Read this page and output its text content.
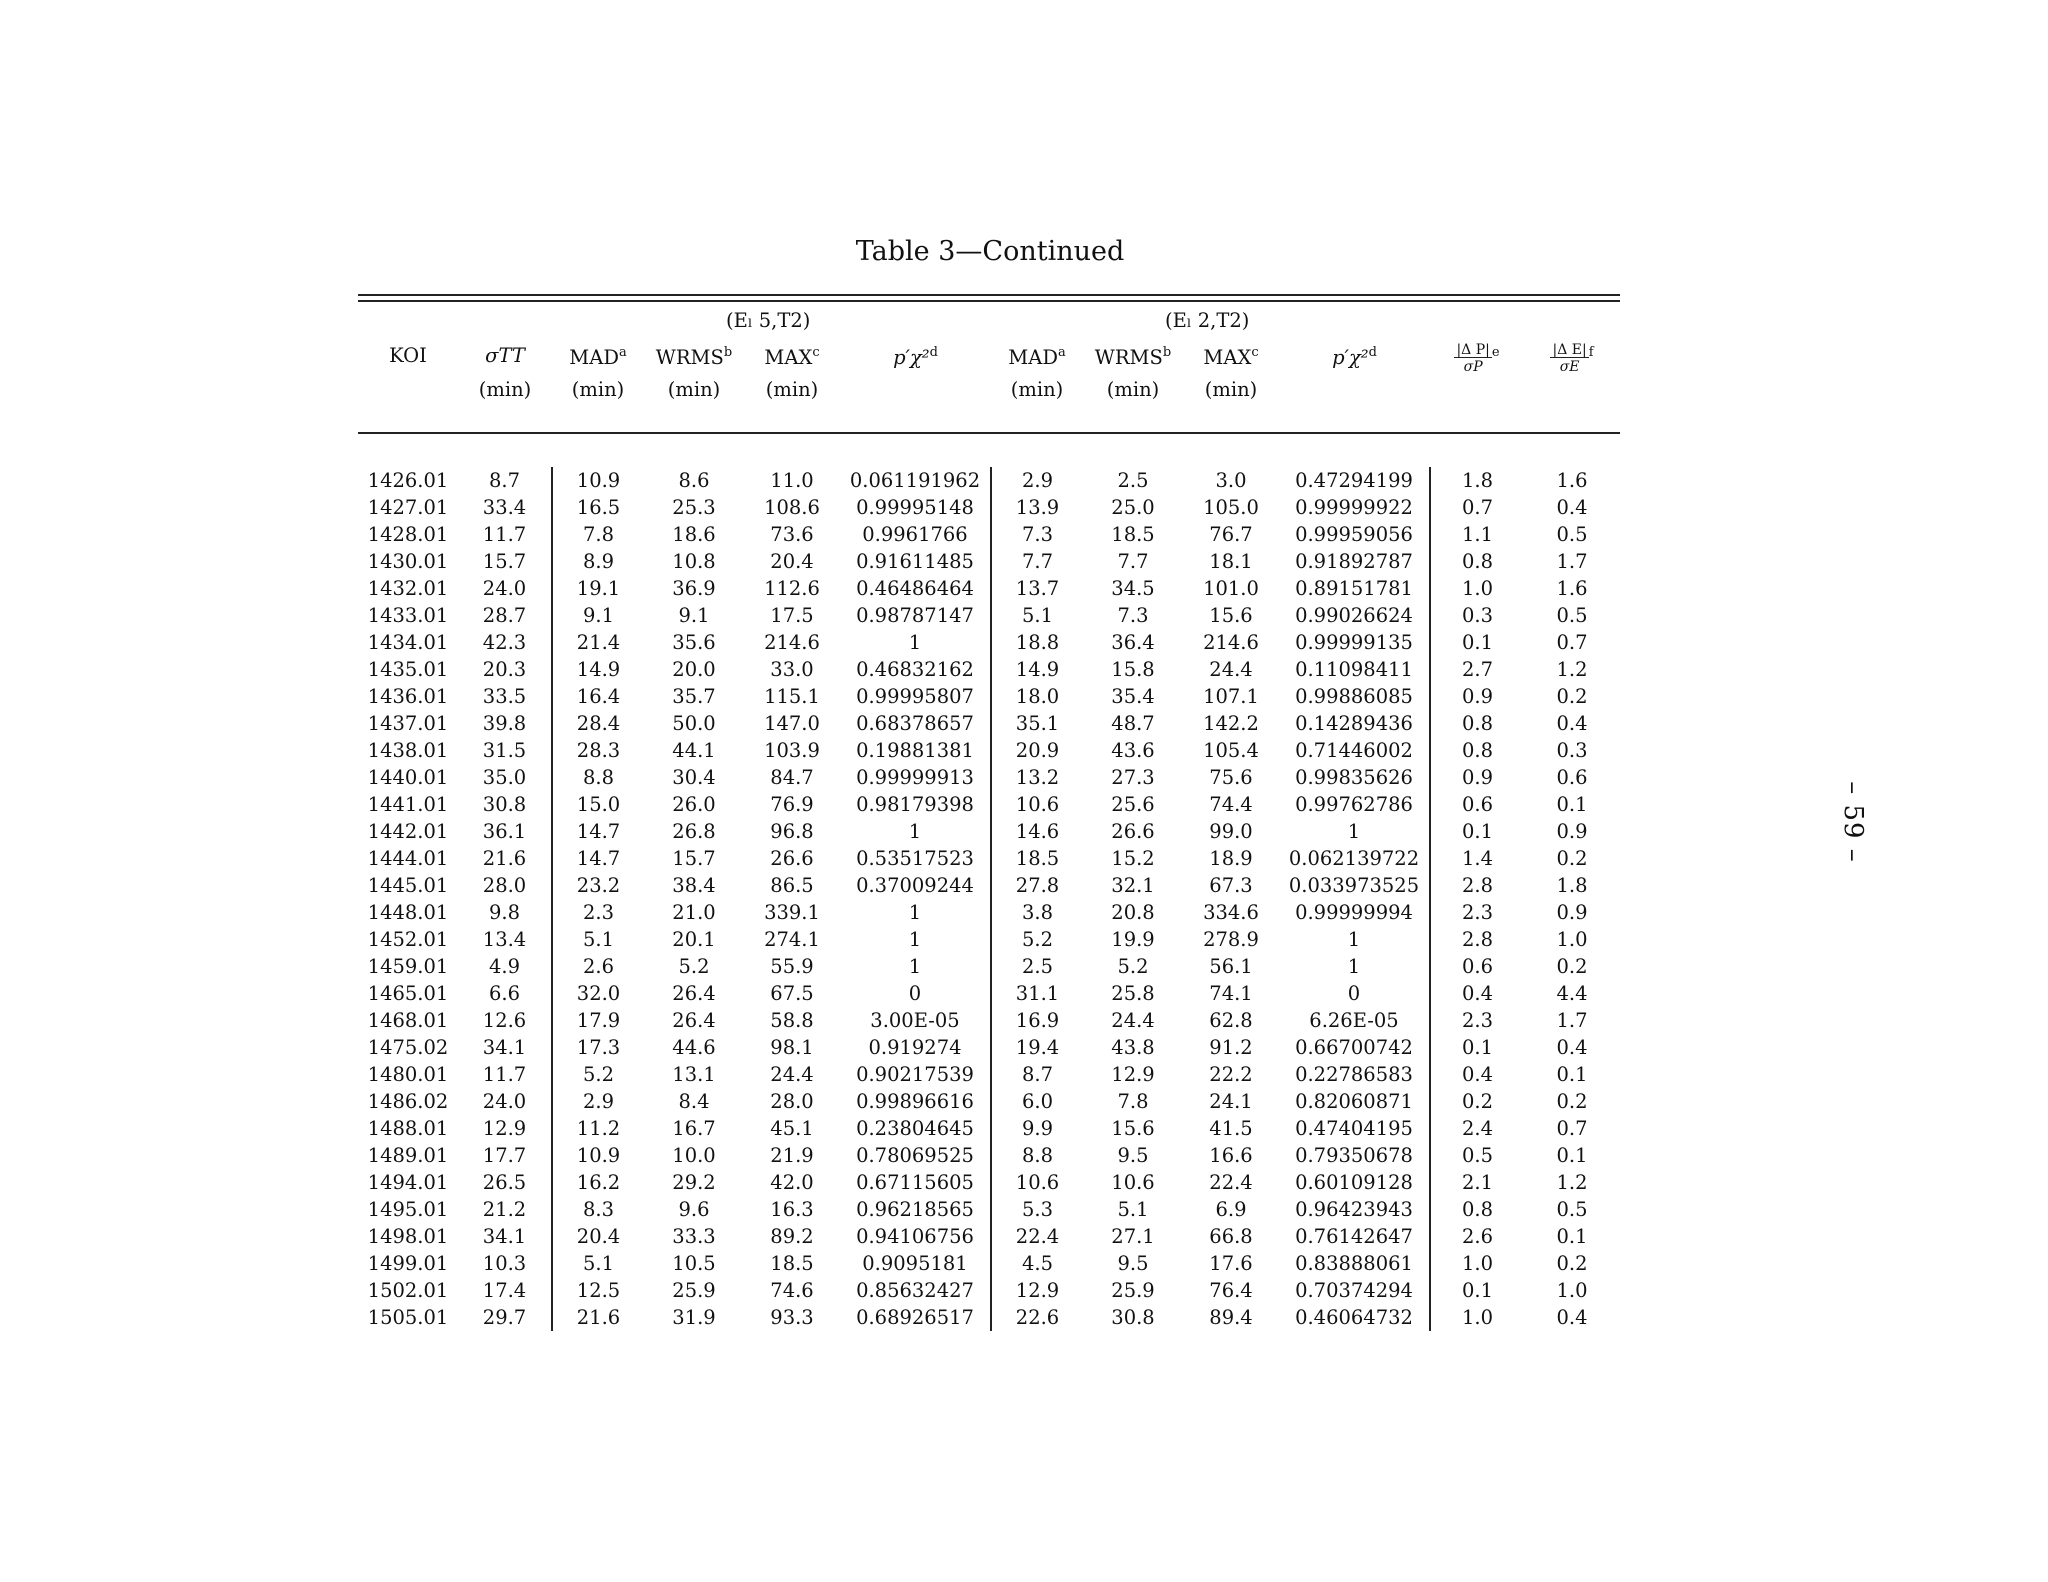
Table 3—Continued
		(Eₗ 5,T2)				(Eₗ 2,T2)					
KOI	σTT	MAD$^a$	WRMS$^b$	MAX$^c$	p′χ²$^d$	MAD$^a$	WRMS$^b$	MAX$^c$	p′χ²$^d$	$\frac{\text{|Δ P|}}{\sigma P} ^e$	$\frac{\text{|Δ E|}}{\sigma E} ^f$
	(min)	(min)	(min)	(min)		(min)	(min)	(min)			

1426.01	8.7	10.9	8.6	11.0	0.061191962	2.9	2.5	3.0	0.47294199	1.8	1.6
1427.01	33.4	16.5	25.3	108.6	0.99995148	13.9	25.0	105.0	0.99999922	0.7	0.4
1428.01	11.7	7.8	18.6	73.6	0.9961766	7.3	18.5	76.7	0.99959056	1.1	0.5
1430.01	15.7	8.9	10.8	20.4	0.91611485	7.7	7.7	18.1	0.91892787	0.8	1.7
1432.01	24.0	19.1	36.9	112.6	0.46486464	13.7	34.5	101.0	0.89151781	1.0	1.6
1433.01	28.7	9.1	9.1	17.5	0.98787147	5.1	7.3	15.6	0.99026624	0.3	0.5
1434.01	42.3	21.4	35.6	214.6	1	18.8	36.4	214.6	0.99999135	0.1	0.7
1435.01	20.3	14.9	20.0	33.0	0.46832162	14.9	15.8	24.4	0.11098411	2.7	1.2
1436.01	33.5	16.4	35.7	115.1	0.99995807	18.0	35.4	107.1	0.99886085	0.9	0.2
1437.01	39.8	28.4	50.0	147.0	0.68378657	35.1	48.7	142.2	0.14289436	0.8	0.4
1438.01	31.5	28.3	44.1	103.9	0.19881381	20.9	43.6	105.4	0.71446002	0.8	0.3
1440.01	35.0	8.8	30.4	84.7	0.99999913	13.2	27.3	75.6	0.99835626	0.9	0.6
1441.01	30.8	15.0	26.0	76.9	0.98179398	10.6	25.6	74.4	0.99762786	0.6	0.1
1442.01	36.1	14.7	26.8	96.8	1	14.6	26.6	99.0	1	0.1	0.9
1444.01	21.6	14.7	15.7	26.6	0.53517523	18.5	15.2	18.9	0.062139722	1.4	0.2
1445.01	28.0	23.2	38.4	86.5	0.37009244	27.8	32.1	67.3	0.033973525	2.8	1.8
1448.01	9.8	2.3	21.0	339.1	1	3.8	20.8	334.6	0.99999994	2.3	0.9
1452.01	13.4	5.1	20.1	274.1	1	5.2	19.9	278.9	1	2.8	1.0
1459.01	4.9	2.6	5.2	55.9	1	2.5	5.2	56.1	1	0.6	0.2
1465.01	6.6	32.0	26.4	67.5	0	31.1	25.8	74.1	0	0.4	4.4
1468.01	12.6	17.9	26.4	58.8	3.00E-05	16.9	24.4	62.8	6.26E-05	2.3	1.7
1475.02	34.1	17.3	44.6	98.1	0.919274	19.4	43.8	91.2	0.66700742	0.1	0.4
1480.01	11.7	5.2	13.1	24.4	0.90217539	8.7	12.9	22.2	0.22786583	0.4	0.1
1486.02	24.0	2.9	8.4	28.0	0.99896616	6.0	7.8	24.1	0.82060871	0.2	0.2
1488.01	12.9	11.2	16.7	45.1	0.23804645	9.9	15.6	41.5	0.47404195	2.4	0.7
1489.01	17.7	10.9	10.0	21.9	0.78069525	8.8	9.5	16.6	0.79350678	0.5	0.1
1494.01	26.5	16.2	29.2	42.0	0.67115605	10.6	10.6	22.4	0.60109128	2.1	1.2
1495.01	21.2	8.3	9.6	16.3	0.96218565	5.3	5.1	6.9	0.96423943	0.8	0.5
1498.01	34.1	20.4	33.3	89.2	0.94106756	22.4	27.1	66.8	0.76142647	2.6	0.1
1499.01	10.3	5.1	10.5	18.5	0.9095181	4.5	9.5	17.6	0.83888061	1.0	0.2
1502.01	17.4	12.5	25.9	74.6	0.85632427	12.9	25.9	76.4	0.70374294	0.1	1.0
1505.01	29.7	21.6	31.9	93.3	0.68926517	22.6	30.8	89.4	0.46064732	1.0	0.4
– 59 –
